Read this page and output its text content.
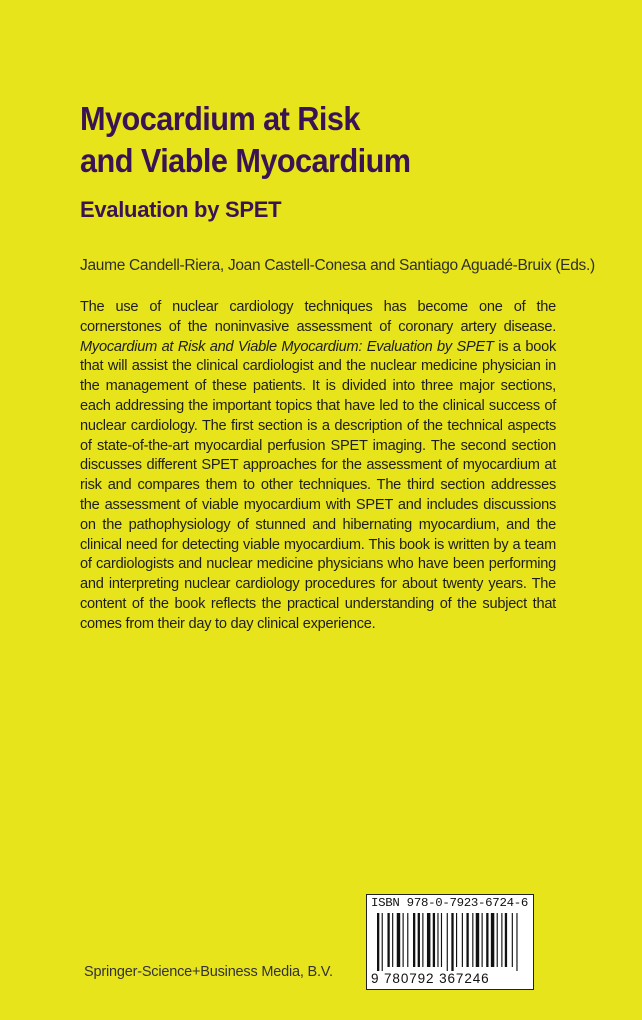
Myocardium at Risk
and Viable Myocardium
Evaluation by SPET
Jaume Candell-Riera, Joan Castell-Conesa and Santiago Aguadé-Bruix (Eds.)

The use of nuclear cardiology techniques has become one of the cornerstones of the noninvasive assessment of coronary artery disease. Myocardium at Risk and Viable Myocardium: Evaluation by SPET is a book that will assist the clinical cardiologist and the nuclear medicine physician in the management of these patients. It is divided into three major sections, each addressing the important topics that have led to the clinical success of nuclear cardiology. The first section is a description of the technical aspects of state-of-the-art myocardial perfusion SPET imaging. The second section discusses different SPET approaches for the assessment of myocardium at risk and compares them to other techniques. The third section addresses the assessment of viable myocardium with SPET and includes discussions on the pathophysiology of stunned and hibernating myocardium, and the clinical need for detecting viable myocardium. This book is written by a team of cardiologists and nuclear medicine physicians who have been performing and interpreting nuclear cardiology procedures for about twenty years. The content of the book reflects the practical understanding of the subject that comes from their day to day clinical experience.

Springer-Science+Business Media, B.V.
ISBN 978-0-7923-6724-6
9 780792 367246
